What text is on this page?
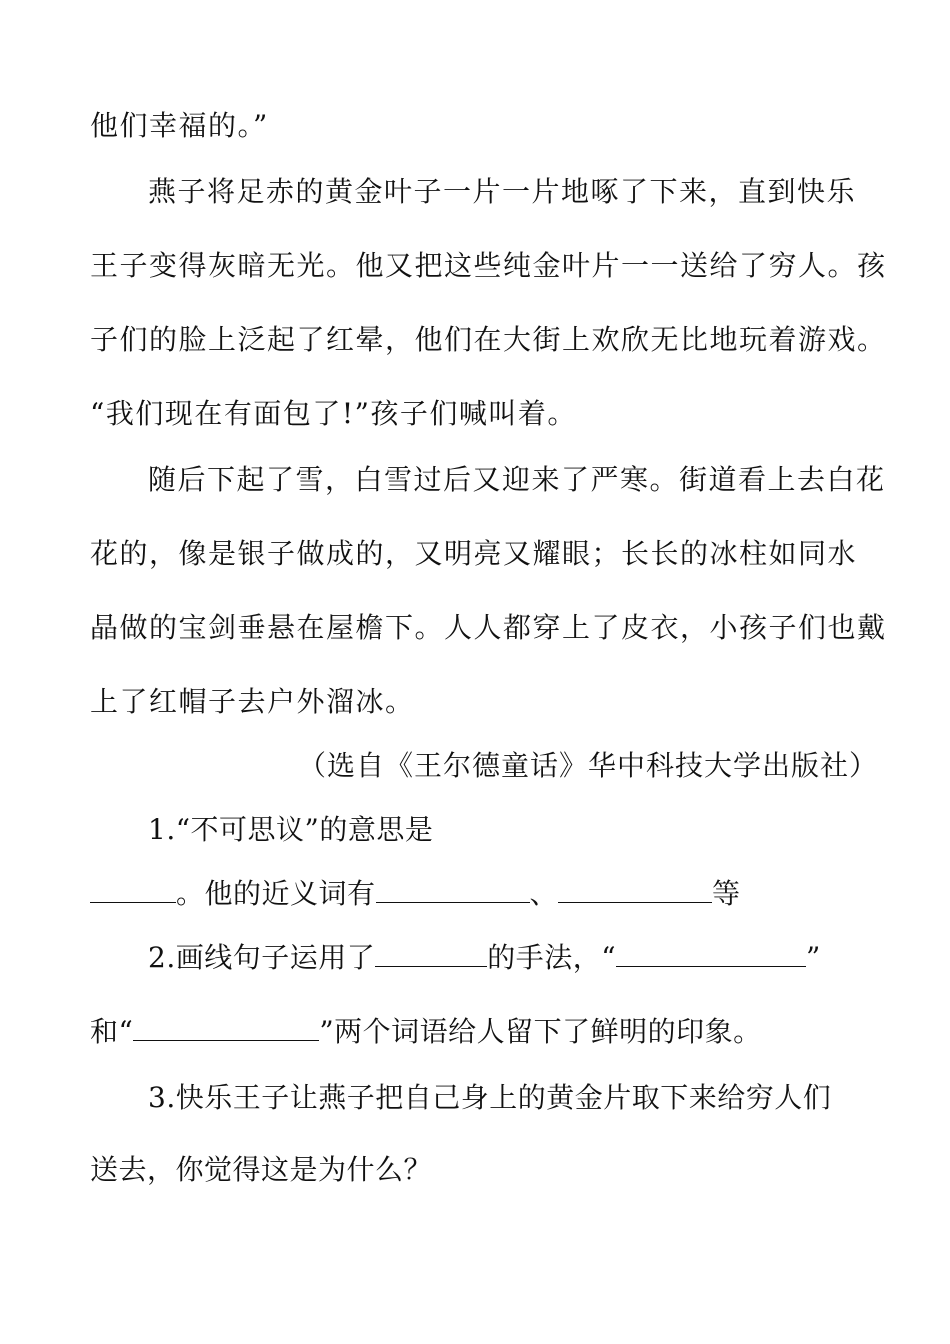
他们幸福的。”
燕子将足赤的黄金叶子一片一片地啄了下来，直到快乐
王子变得灰暗无光。他又把这些纯金叶片一一送给了穷人。孩
子们的脸上泛起了红晕，他们在大街上欢欣无比地玩着游戏。
“我们现在有面包了!”孩子们喊叫着。
随后下起了雪，白雪过后又迎来了严寒。街道看上去白花
花的，像是银子做成的，又明亮又耀眼；长长的冰柱如同水
晶做的宝剑垂悬在屋檐下。人人都穿上了皮衣，小孩子们也戴
上了红帽子去户外溜冰。
（选自《王尔德童话》华中科技大学出版社）
1.“不可思议”的意思是
。他的近义词有	、	等
2.画线句子运用了	的手法，“	”
和“	”两个词语给人留下了鲜明的印象。
3.快乐王子让燕子把自己身上的黄金片取下来给穷人们
送去，你觉得这是为什么？
